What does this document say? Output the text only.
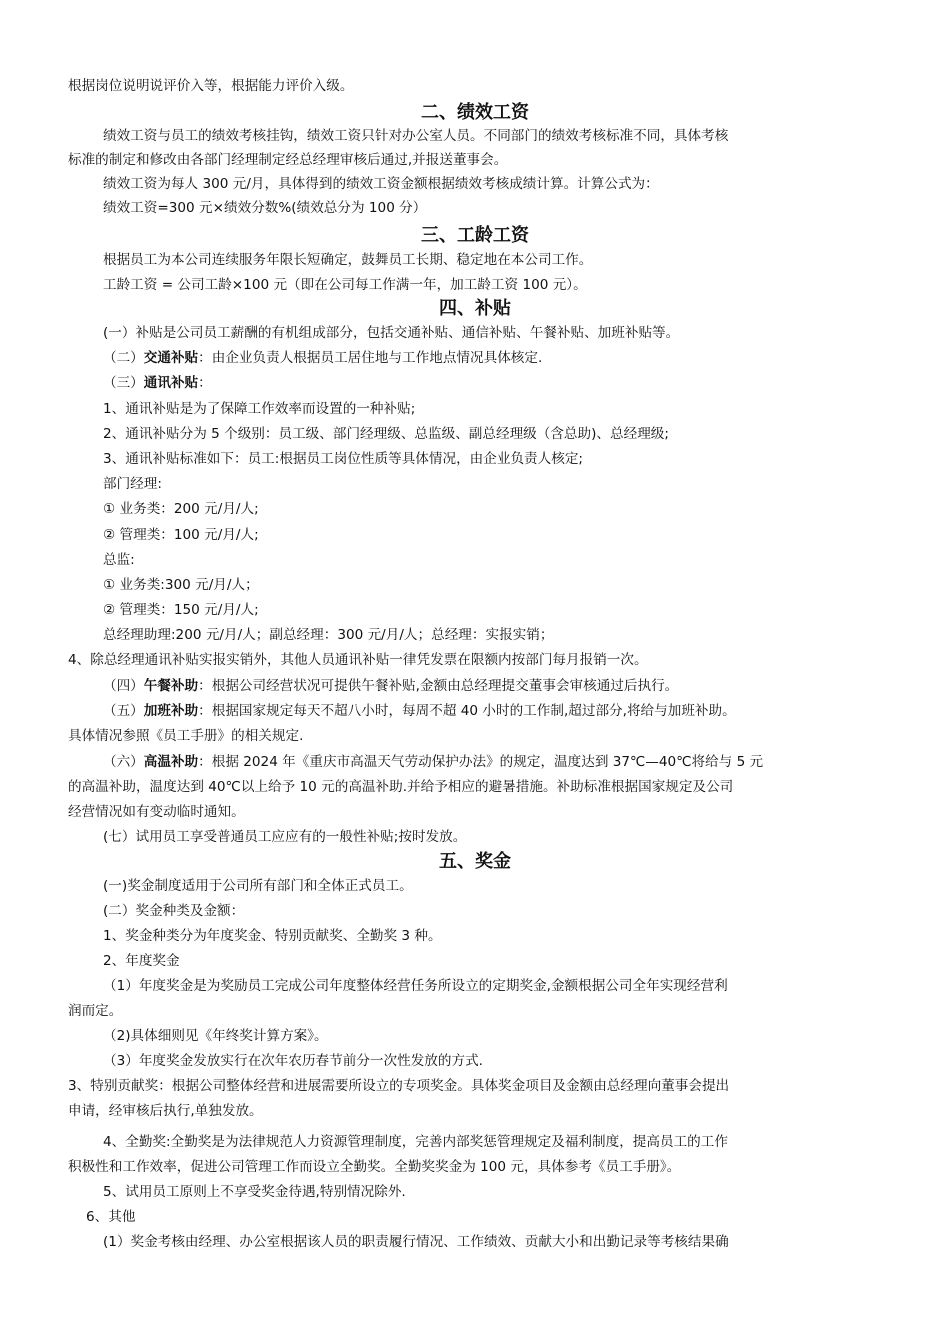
根据岗位说明说评价入等，根据能力评价入级。
二、绩效工资
绩效工资与员工的绩效考核挂钩，绩效工资只针对办公室人员。不同部门的绩效考核标准不同，具体考核
标准的制定和修改由各部门经理制定经总经理审核后通过,并报送董事会。
绩效工资为每人 300 元/月，具体得到的绩效工资金额根据绩效考核成绩计算。计算公式为：
绩效工资=300 元×绩效分数%(绩效总分为 100 分）
三、工龄工资
根据员工为本公司连续服务年限长短确定，鼓舞员工长期、稳定地在本公司工作。
工龄工资 = 公司工龄×100 元（即在公司每工作满一年，加工龄工资 100 元）。
四、补贴
(一）补贴是公司员工薪酬的有机组成部分，包括交通补贴、通信补贴、午餐补贴、加班补贴等。
（二）交通补贴：由企业负责人根据员工居住地与工作地点情况具体核定.
（三）通讯补贴：
1、通讯补贴是为了保障工作效率而设置的一种补贴;
2、通讯补贴分为 5 个级别：员工级、部门经理级、总监级、副总经理级（含总助)、总经理级;
3、通讯补贴标准如下：员工:根据员工岗位性质等具体情况，由企业负责人核定;
部门经理:
① 业务类：200 元/月/人;
② 管理类：100 元/月/人;
总监:
① 业务类:300 元/月/人；
② 管理类：150 元/月/人;
总经理助理:200 元/月/人；副总经理：300 元/月/人；总经理：实报实销；
4、除总经理通讯补贴实报实销外，其他人员通讯补贴一律凭发票在限额内按部门每月报销一次。
（四）午餐补助：根据公司经营状况可提供午餐补贴,金额由总经理提交董事会审核通过后执行。
（五）加班补助：根据国家规定每天不超八小时，每周不超 40 小时的工作制,超过部分,将给与加班补助。
具体情况参照《员工手册》的相关规定.
（六）高温补助：根据 2024 年《重庆市高温天气劳动保护办法》的规定，温度达到 37℃—40℃将给与 5 元
的高温补助，温度达到 40℃以上给予 10 元的高温补助.并给予相应的避暑措施。补助标准根据国家规定及公司
经营情况如有变动临时通知。
(七）试用员工享受普通员工应应有的一般性补贴;按时发放。
五、奖金
(一)奖金制度适用于公司所有部门和全体正式员工。
(二）奖金种类及金额：
1、奖金种类分为年度奖金、特别贡献奖、全勤奖 3 种。
2、年度奖金
（1）年度奖金是为奖励员工完成公司年度整体经营任务所设立的定期奖金,金额根据公司全年实现经营利
润而定。
（2)具体细则见《年终奖计算方案》。
（3）年度奖金发放实行在次年农历春节前分一次性发放的方式.
3、特别贡献奖：根据公司整体经营和进展需要所设立的专项奖金。具体奖金项目及金额由总经理向董事会提出
申请，经审核后执行,单独发放。
4、全勤奖:全勤奖是为法律规范人力资源管理制度，完善内部奖惩管理规定及福利制度，提高员工的工作
积极性和工作效率，促进公司管理工作而设立全勤奖。全勤奖奖金为 100 元，具体参考《员工手册》。
5、试用员工原则上不享受奖金待遇,特别情况除外.
6、其他
(1）奖金考核由经理、办公室根据该人员的职责履行情况、工作绩效、贡献大小和出勤记录等考核结果确
